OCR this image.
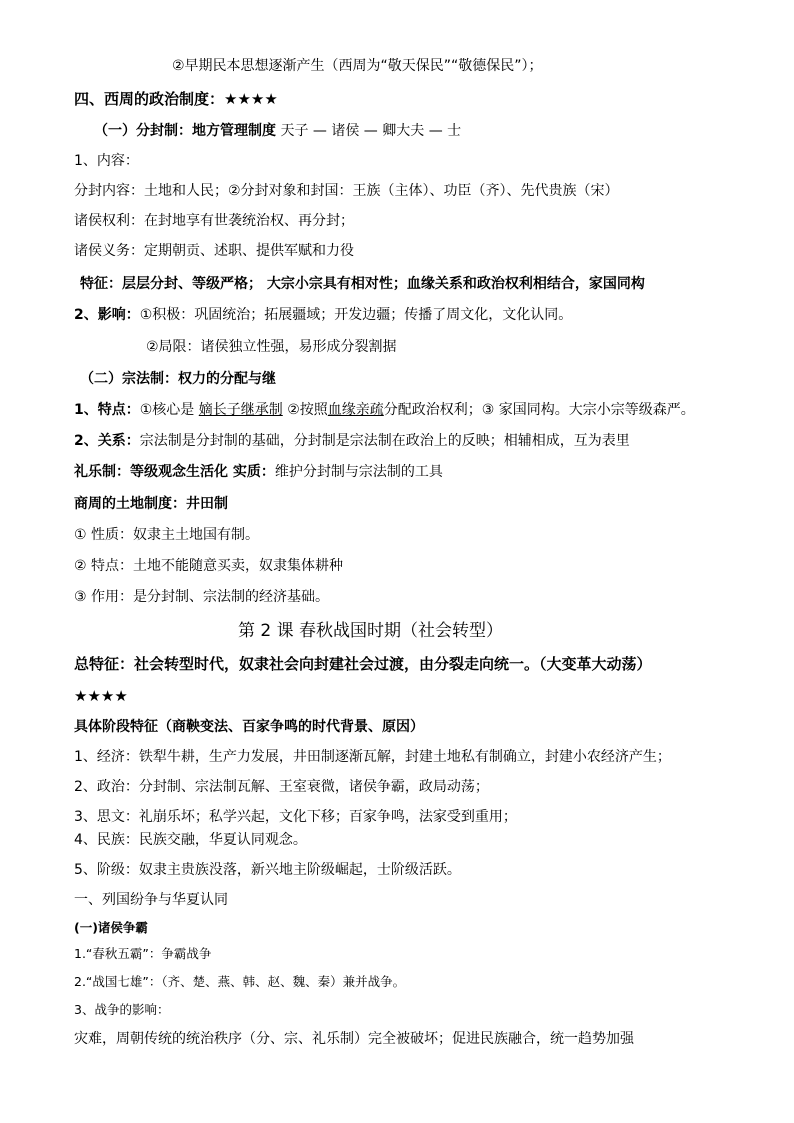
②早期民本思想逐渐产生（西周为“敬天保民”“敬德保民”）；
四、西周的政治制度：★★★★
（一）分封制：地方管理制度 天子 — 诸侯 — 卿大夫 — 士
1、内容：
分封内容：土地和人民；②分封对象和封国：王族（主体）、功臣（齐）、先代贵族（宋）
诸侯权利：在封地享有世袭统治权、再分封；
诸侯义务：定期朝贡、述职、提供军赋和力役
特征：层层分封、等级严格； 大宗小宗具有相对性；血缘关系和政治权利相结合，家国同构
2、影响：①积极：巩固统治；拓展疆域；开发边疆；传播了周文化，文化认同。
②局限：诸侯独立性强，易形成分裂割据
（二）宗法制：权力的分配与继
1、特点：①核心是 嫡长子继承制 ②按照血缘亲疏分配政治权利；③ 家国同构。大宗小宗等级森严。
2、关系：宗法制是分封制的基础，分封制是宗法制在政治上的反映；相辅相成，互为表里
礼乐制：等级观念生活化 实质：维护分封制与宗法制的工具
商周的土地制度：井田制
① 性质：奴隶主土地国有制。
② 特点：土地不能随意买卖，奴隶集体耕种
③ 作用：是分封制、宗法制的经济基础。
第 2 课 春秋战国时期（社会转型）
总特征：社会转型时代，奴隶社会向封建社会过渡，由分裂走向统一。（大变革大动荡）
★★★★
具体阶段特征（商鞅变法、百家争鸣的时代背景、原因）
1、经济：铁犁牛耕，生产力发展，井田制逐渐瓦解，封建土地私有制确立，封建小农经济产生；
2、政治：分封制、宗法制瓦解、王室衰微，诸侯争霸，政局动荡；
3、思文：礼崩乐坏；私学兴起，文化下移；百家争鸣，法家受到重用；
4、民族：民族交融，华夏认同观念。
5、阶级：奴隶主贵族没落，新兴地主阶级崛起，士阶级活跃。
一、列国纷争与华夏认同
(一)诸侯争霸
1.“春秋五霸”：争霸战争
2.“战国七雄”：（齐、楚、燕、韩、赵、魏、秦）兼并战争。
3、战争的影响：
灾难，周朝传统的统治秩序（分、宗、礼乐制）完全被破坏；促进民族融合，统一趋势加强
